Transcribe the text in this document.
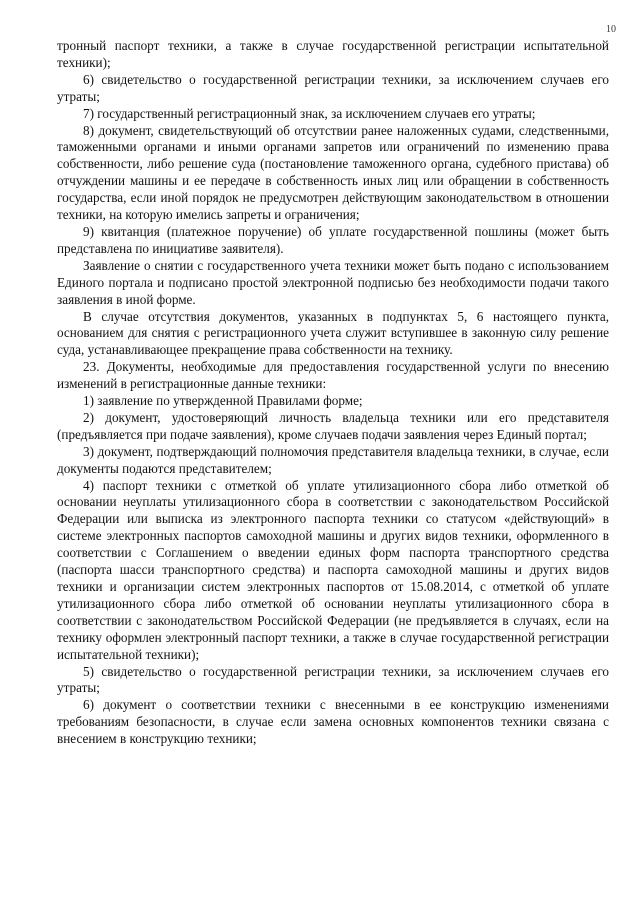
10

тронный паспорт техники, а также в случае государственной регистрации испытательной техники);

6) свидетельство о государственной регистрации техники, за исключением случаев его утраты;

7) государственный регистрационный знак, за исключением случаев его утраты;

8) документ, свидетельствующий об отсутствии ранее наложенных судами, следственными, таможенными органами и иными органами запретов или ограничений по изменению права собственности, либо решение суда (постановление таможенного органа, судебного пристава) об отчуждении машины и ее передаче в собственность иных лиц или обращении в собственность государства, если иной порядок не предусмотрен действующим законодательством в отношении техники, на которую имелись запреты и ограничения;

9) квитанция (платежное поручение) об уплате государственной пошлины (может быть представлена по инициативе заявителя).

Заявление о снятии с государственного учета техники может быть подано с использованием Единого портала и подписано простой электронной подписью без необходимости подачи такого заявления в иной форме.

В случае отсутствия документов, указанных в подпунктах 5, 6 настоящего пункта, основанием для снятия с регистрационного учета служит вступившее в законную силу решение суда, устанавливающее прекращение права собственности на технику.

23. Документы, необходимые для предоставления государственной услуги по внесению изменений в регистрационные данные техники:

1) заявление по утвержденной Правилами форме;

2) документ, удостоверяющий личность владельца техники или его представителя (предъявляется при подаче заявления), кроме случаев подачи заявления через Единый портал;

3) документ, подтверждающий полномочия представителя владельца техники, в случае, если документы подаются представителем;

4) паспорт техники с отметкой об уплате утилизационного сбора либо отметкой об основании неуплаты утилизационного сбора в соответствии с законодательством Российской Федерации или выписка из электронного паспорта техники со статусом «действующий» в системе электронных паспортов самоходной машины и других видов техники, оформленного в соответствии с Соглашением о введении единых форм паспорта транспортного средства (паспорта шасси транспортного средства) и паспорта самоходной машины и других видов техники и организации систем электронных паспортов от 15.08.2014, с отметкой об уплате утилизационного сбора либо отметкой об основании неуплаты утилизационного сбора в соответствии с законодательством Российской Федерации (не предъявляется в случаях, если на технику оформлен электронный паспорт техники, а также в случае государственной регистрации испытательной техники);

5) свидетельство о государственной регистрации техники, за исключением случаев его утраты;

6) документ о соответствии техники с внесенными в ее конструкцию изменениями требованиям безопасности, в случае если замена основных компонентов техники связана с внесением в конструкцию техники;
